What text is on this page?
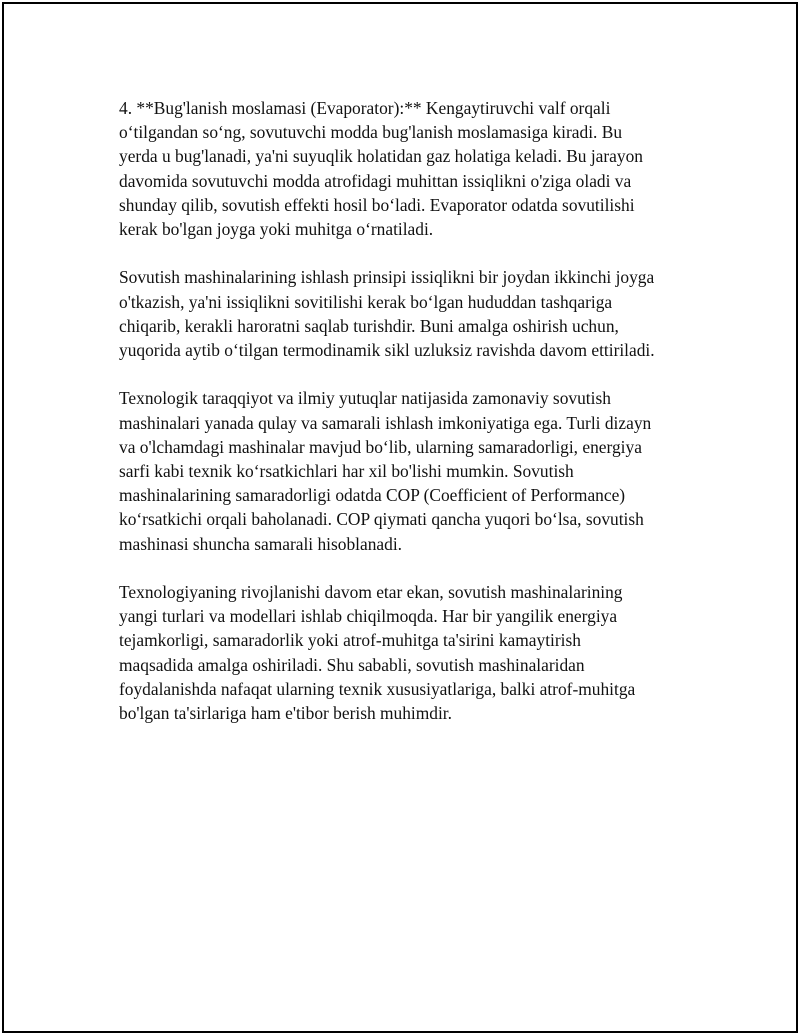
4. **Bug'lanish moslamasi (Evaporator):** Kengaytiruvchi valf orqali
o‘tilgandan so‘ng, sovutuvchi modda bug'lanish moslamasiga kiradi. Bu
yerda u bug'lanadi, ya'ni suyuqlik holatidan gaz holatiga keladi. Bu jarayon
davomida sovutuvchi modda atrofidagi muhittan issiqlikni o'ziga oladi va
shunday qilib, sovutish effekti hosil bo‘ladi. Evaporator odatda sovutilishi
kerak bo'lgan joyga yoki muhitga o‘rnatiladi.

Sovutish mashinalarining ishlash prinsipi issiqlikni bir joydan ikkinchi joyga
o'tkazish, ya'ni issiqlikni sovitilishi kerak bo‘lgan hududdan tashqariga
chiqarib, kerakli haroratni saqlab turishdir. Buni amalga oshirish uchun,
yuqorida aytib o‘tilgan termodinamik sikl uzluksiz ravishda davom ettiriladi.

Texnologik taraqqiyot va ilmiy yutuqlar natijasida zamonaviy sovutish
mashinalari yanada qulay va samarali ishlash imkoniyatiga ega. Turli dizayn
va o'lchamdagi mashinalar mavjud bo‘lib, ularning samaradorligi, energiya
sarfi kabi texnik ko‘rsatkichlari har xil bo'lishi mumkin. Sovutish
mashinalarining samaradorligi odatda COP (Coefficient of Performance)
ko‘rsatkichi orqali baholanadi. COP qiymati qancha yuqori bo‘lsa, sovutish
mashinasi shuncha samarali hisoblanadi.

Texnologiyaning rivojlanishi davom etar ekan, sovutish mashinalarining
yangi turlari va modellari ishlab chiqilmoqda. Har bir yangilik energiya
tejamkorligi, samaradorlik yoki atrof-muhitga ta'sirini kamaytirish
maqsadida amalga oshiriladi. Shu sababli, sovutish mashinalaridan
foydalanishda nafaqat ularning texnik xususiyatlariga, balki atrof-muhitga
bo'lgan ta'sirlariga ham e'tibor berish muhimdir.
